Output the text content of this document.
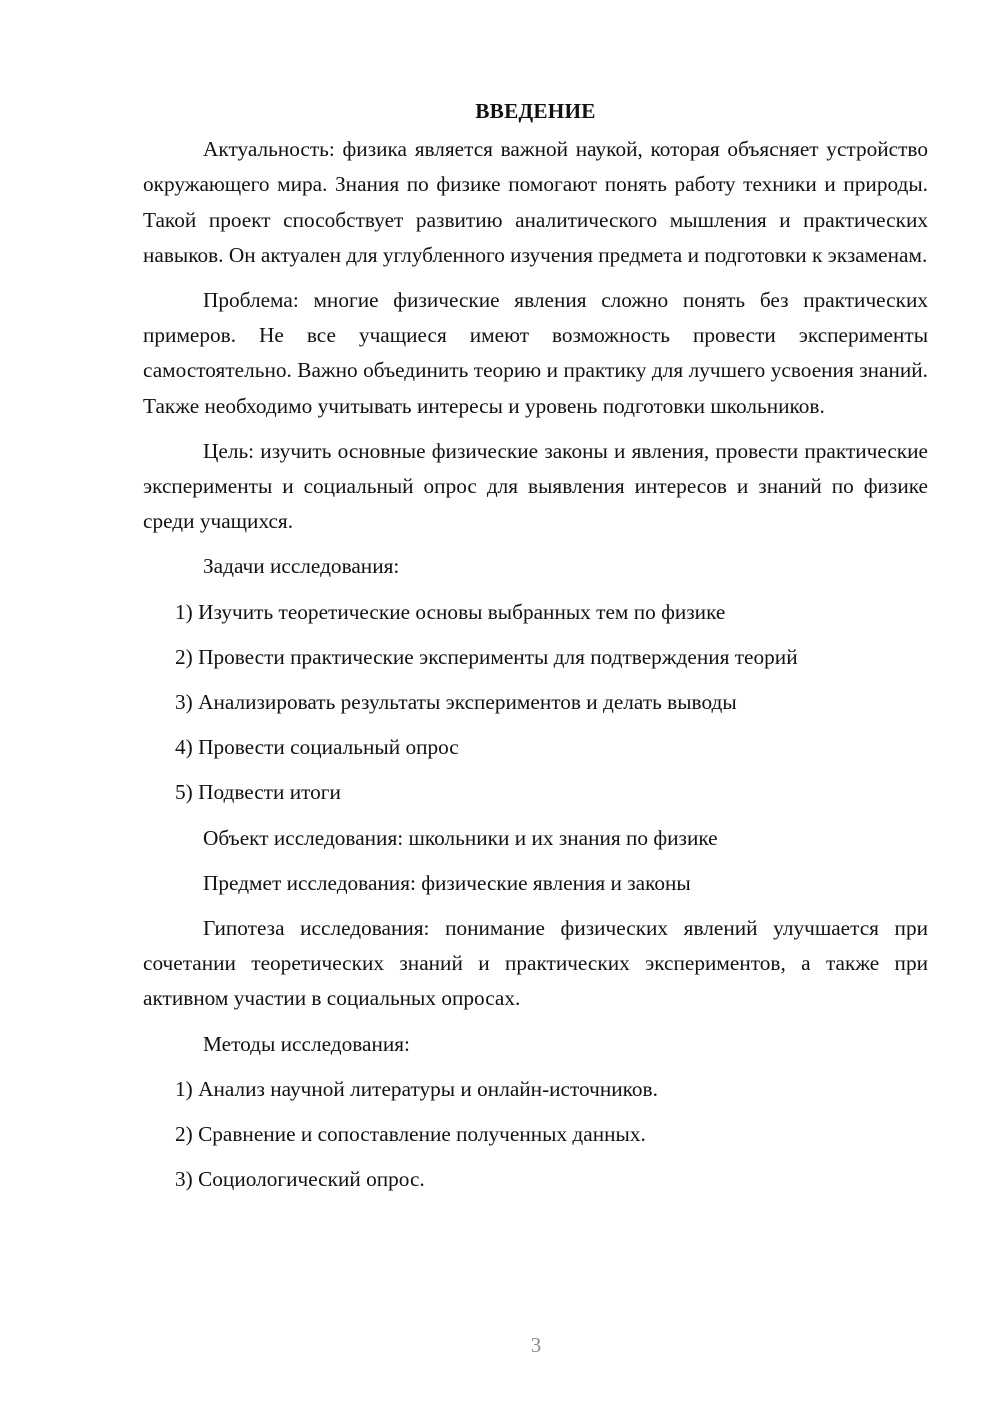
ВВЕДЕНИЕ
Актуальность: физика является важной наукой, которая объясняет устройство окружающего мира. Знания по физике помогают понять работу техники и природы. Такой проект способствует развитию аналитического мышления и практических навыков. Он актуален для углубленного изучения предмета и подготовки к экзаменам.
Проблема: многие физические явления сложно понять без практических примеров. Не все учащиеся имеют возможность провести эксперименты самостоятельно. Важно объединить теорию и практику для лучшего усвоения знаний. Также необходимо учитывать интересы и уровень подготовки школьников.
Цель: изучить основные физические законы и явления, провести практические эксперименты и социальный опрос для выявления интересов и знаний по физике среди учащихся.
Задачи исследования:
1) Изучить теоретические основы выбранных тем по физике
2) Провести практические эксперименты для подтверждения теорий
3) Анализировать результаты экспериментов и делать выводы
4) Провести социальный опрос
5) Подвести итоги
Объект исследования: школьники и их знания по физике
Предмет исследования: физические явления и законы
Гипотеза исследования: понимание физических явлений улучшается при сочетании теоретических знаний и практических экспериментов, а также при активном участии в социальных опросах.
Методы исследования:
1) Анализ научной литературы и онлайн-источников.
2) Сравнение и сопоставление полученных данных.
3) Социологический опрос.
3
